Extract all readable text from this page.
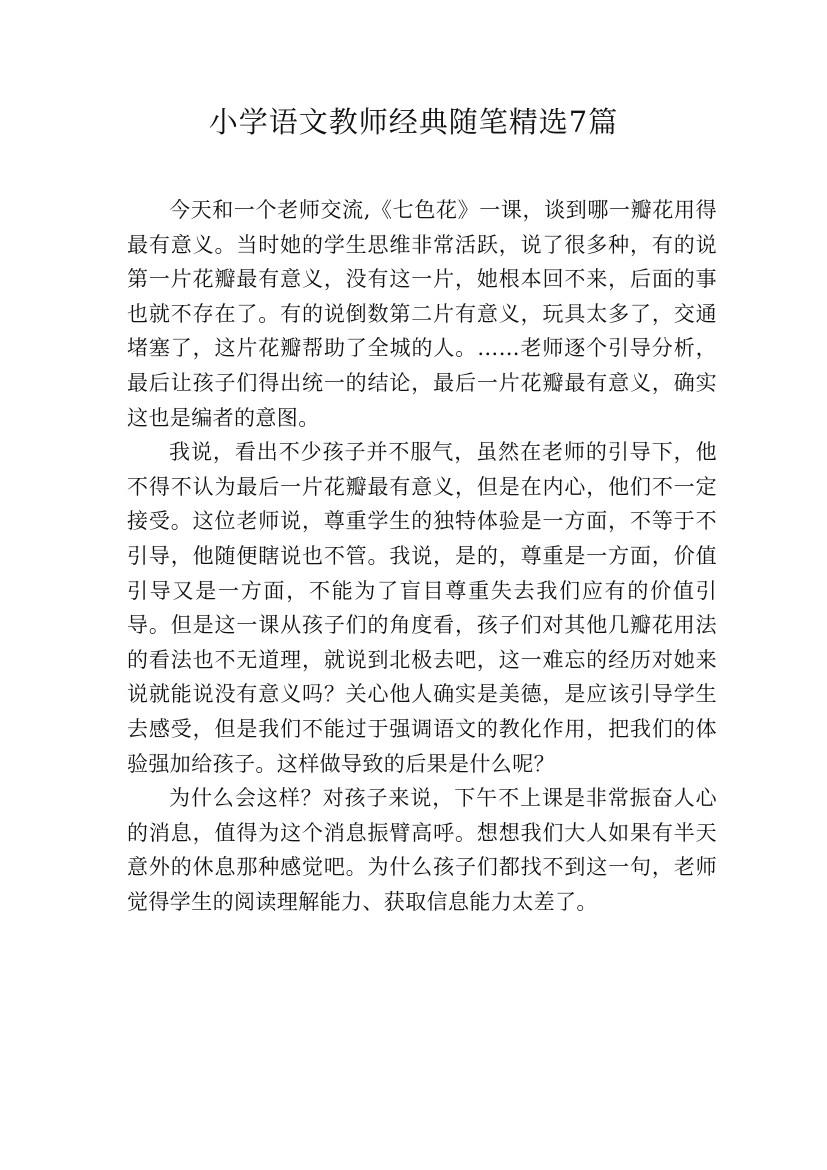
小学语文教师经典随笔精选7篇

今天和一个老师交流,《七色花》一课，谈到哪一瓣花用得最有意义。当时她的学生思维非常活跃，说了很多种，有的说第一片花瓣最有意义，没有这一片，她根本回不来，后面的事也就不存在了。有的说倒数第二片有意义，玩具太多了，交通堵塞了，这片花瓣帮助了全城的人。……老师逐个引导分析，最后让孩子们得出统一的结论，最后一片花瓣最有意义，确实这也是编者的意图。

我说，看出不少孩子并不服气，虽然在老师的引导下，他不得不认为最后一片花瓣最有意义，但是在内心，他们不一定接受。这位老师说，尊重学生的独特体验是一方面，不等于不引导，他随便瞎说也不管。我说，是的，尊重是一方面，价值引导又是一方面，不能为了盲目尊重失去我们应有的价值引导。但是这一课从孩子们的角度看，孩子们对其他几瓣花用法的看法也不无道理，就说到北极去吧，这一难忘的经历对她来说就能说没有意义吗？关心他人确实是美德，是应该引导学生去感受，但是我们不能过于强调语文的教化作用，把我们的体验强加给孩子。这样做导致的后果是什么呢？

为什么会这样？对孩子来说，下午不上课是非常振奋人心的消息，值得为这个消息振臂高呼。想想我们大人如果有半天意外的休息那种感觉吧。为什么孩子们都找不到这一句，老师觉得学生的阅读理解能力、获取信息能力太差了。
